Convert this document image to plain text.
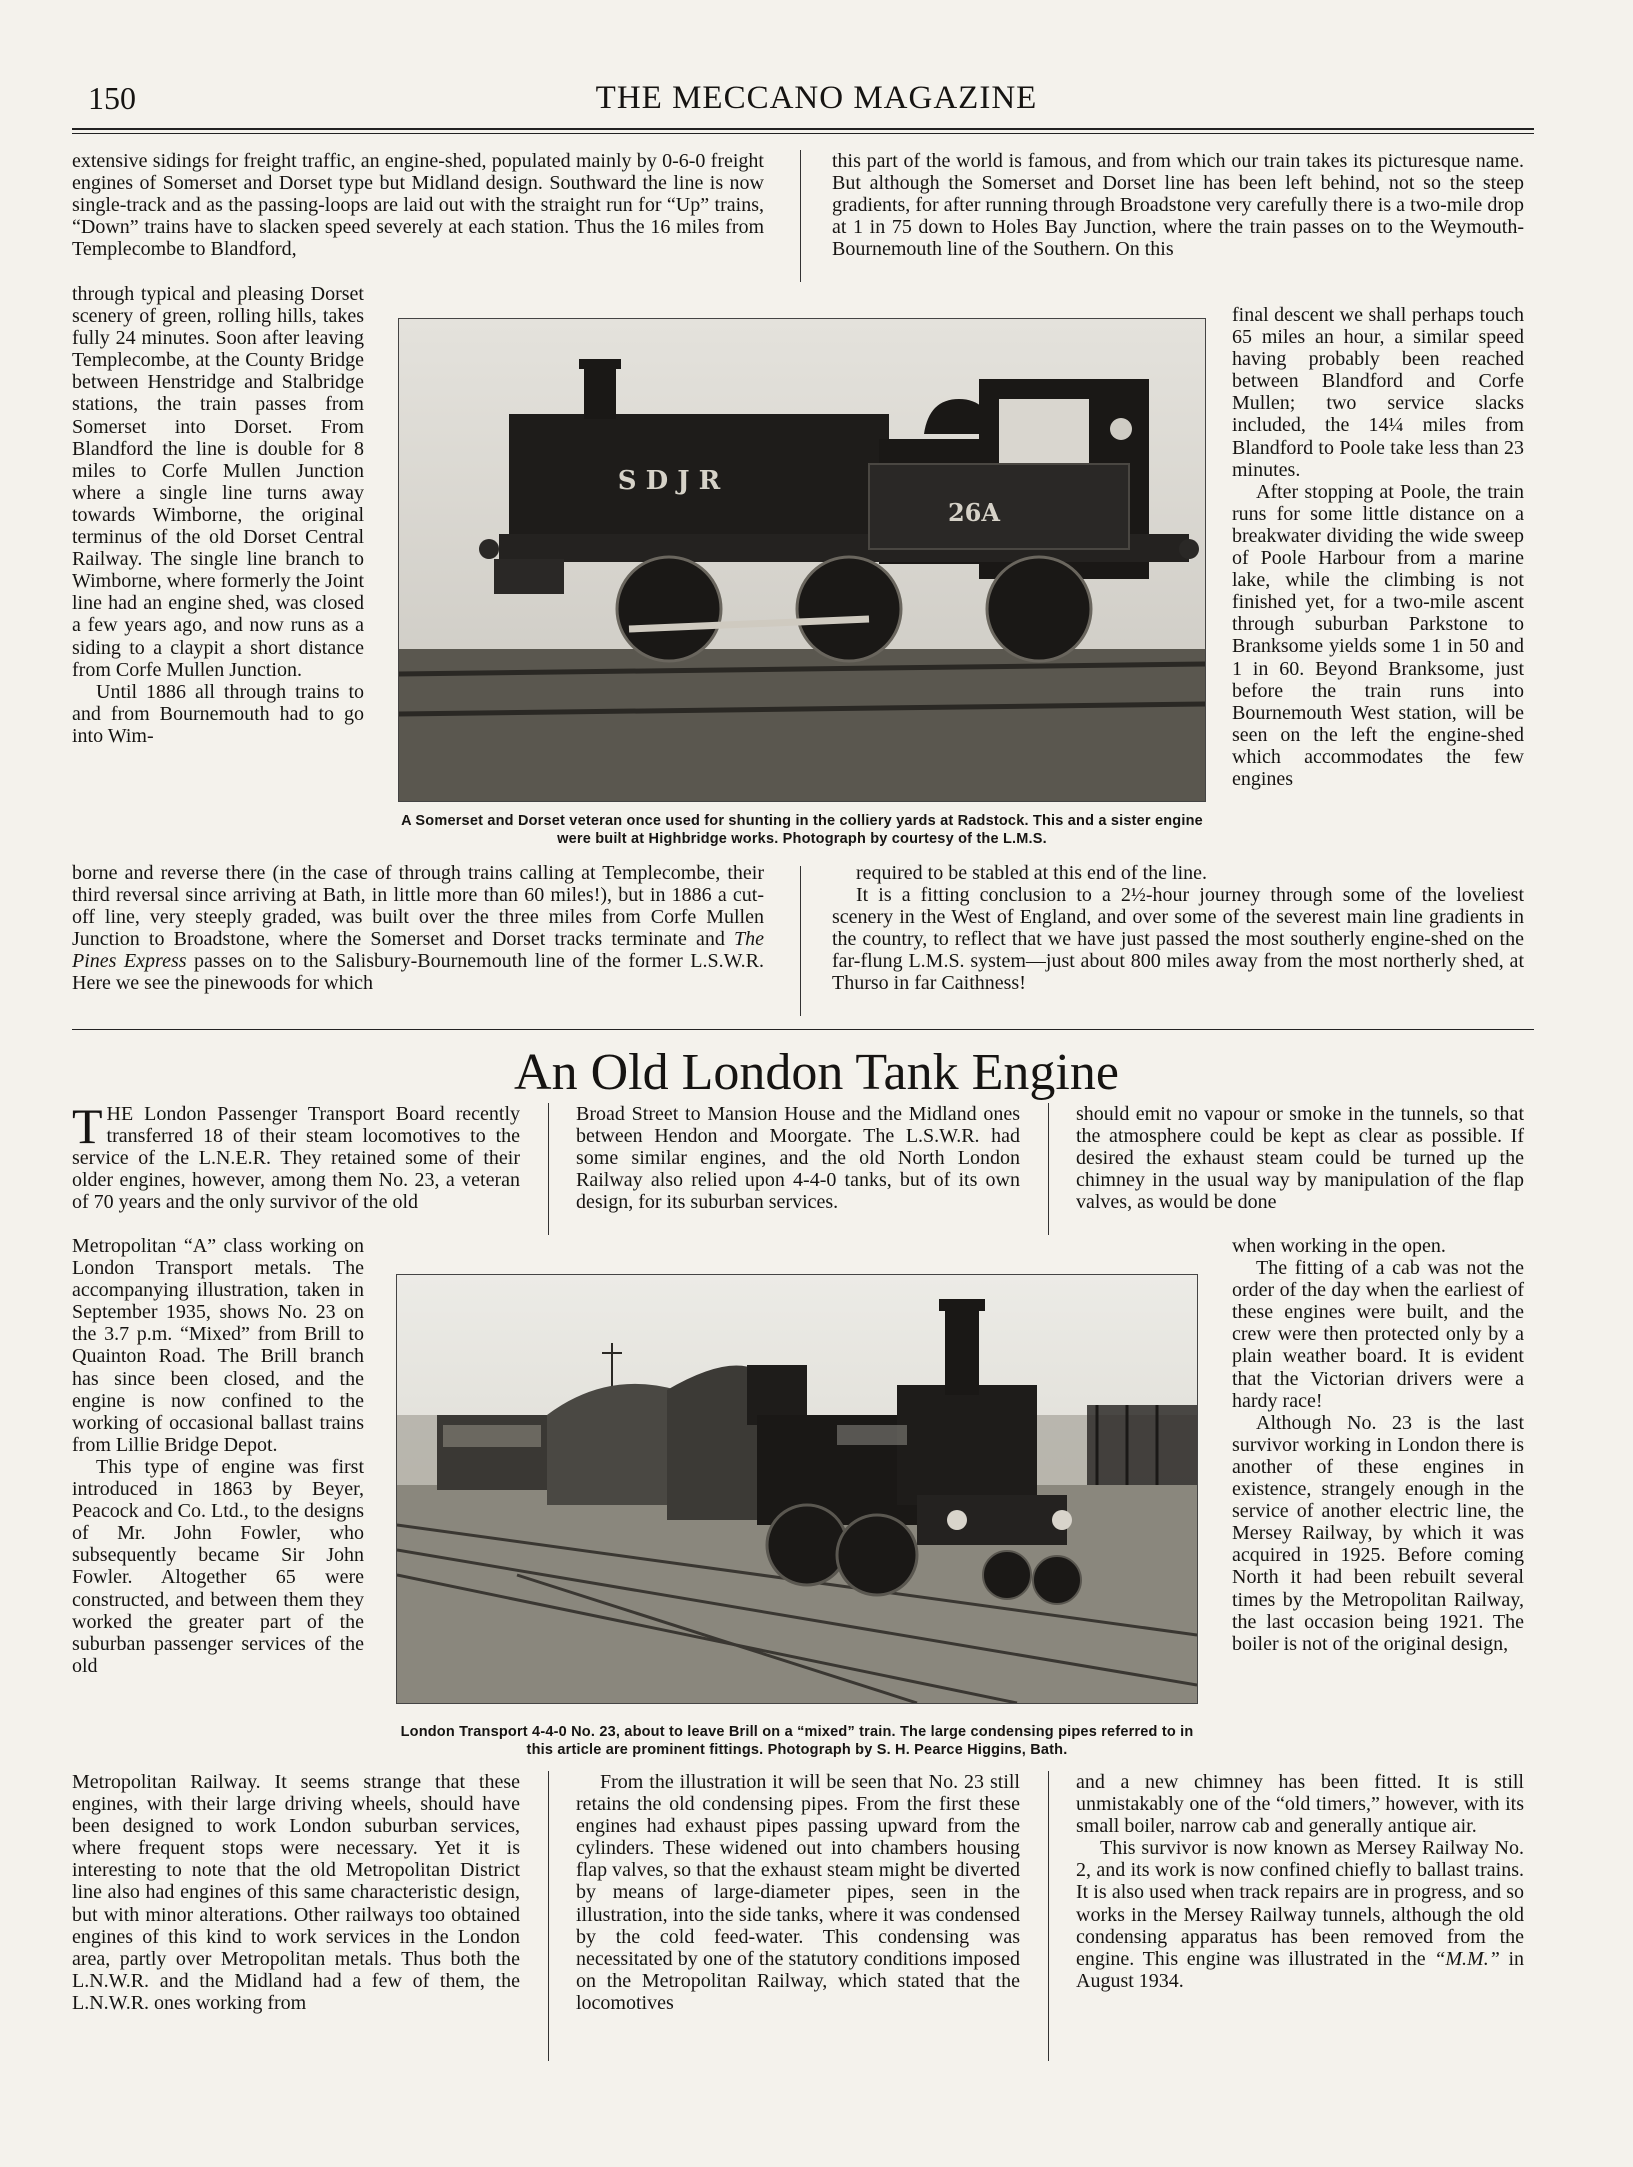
150	THE MECCANO MAGAZINE

extensive sidings for freight traffic, an engine-shed, populated mainly by 0-6-0 freight engines of Somerset and Dorset type but Midland design. Southward the line is now single-track and as the passing-loops are laid out with the straight run for “Up” trains, “Down” trains have to slacken speed severely at each station. Thus the 16 miles from Templecombe to Blandford,

this part of the world is famous, and from which our train takes its picturesque name. But although the Somerset and Dorset line has been left behind, not so the steep gradients, for after running through Broadstone very carefully there is a two-mile drop at 1 in 75 down to Holes Bay Junction, where the train passes on to the Weymouth-Bournemouth line of the Southern. On this

through typical and pleasing Dorset scenery of green, rolling hills, takes fully 24 minutes. Soon after leaving Templecombe, at the County Bridge between Henstridge and Stalbridge stations, the train passes from Somerset into Dorset. From Blandford the line is double for 8 miles to Corfe Mullen Junction where a single line turns away towards Wimborne, the original terminus of the old Dorset Central Railway. The single line branch to Wimborne, where formerly the Joint line had an engine shed, was closed a few years ago, and now runs as a siding to a claypit a short distance from Corfe Mullen Junction.

Until 1886 all through trains to and from Bournemouth had to go into Wim-

final descent we shall perhaps touch 65 miles an hour, a similar speed having probably been reached between Blandford and Corfe Mullen; two service slacks included, the 14¼ miles from Blandford to Poole take less than 23 minutes.

After stopping at Poole, the train runs for some little distance on a breakwater dividing the wide sweep of Poole Harbour from a marine lake, while the climbing is not finished yet, for a two-mile ascent through suburban Parkstone to Branksome yields some 1 in 50 and 1 in 60. Beyond Branksome, just before the train runs into Bournemouth West station, will be seen on the left the engine-shed which accommodates the few engines

S D J R
26A
A Somerset and Dorset veteran once used for shunting in the colliery yards at Radstock. This and a sister engine were built at Highbridge works. Photograph by courtesy of the L.M.S.

borne and reverse there (in the case of through trains calling at Templecombe, their third reversal since arriving at Bath, in little more than 60 miles!), but in 1886 a cut-off line, very steeply graded, was built over the three miles from Corfe Mullen Junction to Broadstone, where the Somerset and Dorset tracks terminate and The Pines Express passes on to the Salisbury-Bournemouth line of the former L.S.W.R. Here we see the pinewoods for which

required to be stabled at this end of the line.

It is a fitting conclusion to a 2½-hour journey through some of the loveliest scenery in the West of England, and over some of the severest main line gradients in the country, to reflect that we have just passed the most southerly engine-shed on the far-flung L.M.S. system—just about 800 miles away from the most northerly shed, at Thurso in far Caithness!

An Old London Tank Engine

THE London Passenger Transport Board recently transferred 18 of their steam locomotives to the service of the L.N.E.R. They retained some of their older engines, however, among them No. 23, a veteran of 70 years and the only survivor of the old

Broad Street to Mansion House and the Midland ones between Hendon and Moorgate. The L.S.W.R. had some similar engines, and the old North London Railway also relied upon 4-4-0 tanks, but of its own design, for its suburban services.

should emit no vapour or smoke in the tunnels, so that the atmosphere could be kept as clear as possible. If desired the exhaust steam could be turned up the chimney in the usual way by manipulation of the flap valves, as would be done

Metropolitan “A” class working on London Transport metals. The accompanying illustration, taken in September 1935, shows No. 23 on the 3.7 p.m. “Mixed” from Brill to Quainton Road. The Brill branch has since been closed, and the engine is now confined to the working of occasional ballast trains from Lillie Bridge Depot.

This type of engine was first introduced in 1863 by Beyer, Peacock and Co. Ltd., to the designs of Mr. John Fowler, who subsequently became Sir John Fowler. Altogether 65 were constructed, and between them they worked the greater part of the suburban passenger services of the old

when working in the open.

The fitting of a cab was not the order of the day when the earliest of these engines were built, and the crew were then protected only by a plain weather board. It is evident that the Victorian drivers were a hardy race!

Although No. 23 is the last survivor working in London there is another of these engines in existence, strangely enough in the service of another electric line, the Mersey Railway, by which it was acquired in 1925. Before coming North it had been rebuilt several times by the Metropolitan Railway, the last occasion being 1921. The boiler is not of the original design,

London Transport 4-4-0 No. 23, about to leave Brill on a “mixed” train. The large condensing pipes referred to in this article are prominent fittings. Photograph by S. H. Pearce Higgins, Bath.

Metropolitan Railway. It seems strange that these engines, with their large driving wheels, should have been designed to work London suburban services, where frequent stops were necessary. Yet it is interesting to note that the old Metropolitan District line also had engines of this same characteristic design, but with minor alterations. Other railways too obtained engines of this kind to work services in the London area, partly over Metropolitan metals. Thus both the L.N.W.R. and the Midland had a few of them, the L.N.W.R. ones working from

From the illustration it will be seen that No. 23 still retains the old condensing pipes. From the first these engines had exhaust pipes passing upward from the cylinders. These widened out into chambers housing flap valves, so that the exhaust steam might be diverted by means of large-diameter pipes, seen in the illustration, into the side tanks, where it was condensed by the cold feed-water. This condensing was necessitated by one of the statutory conditions imposed on the Metropolitan Railway, which stated that the locomotives

and a new chimney has been fitted. It is still unmistakably one of the “old timers,” however, with its small boiler, narrow cab and generally antique air.

This survivor is now known as Mersey Railway No. 2, and its work is now confined chiefly to ballast trains. It is also used when track repairs are in progress, and so works in the Mersey Railway tunnels, although the old condensing apparatus has been removed from the engine. This engine was illustrated in the “M.M.” in August 1934.
